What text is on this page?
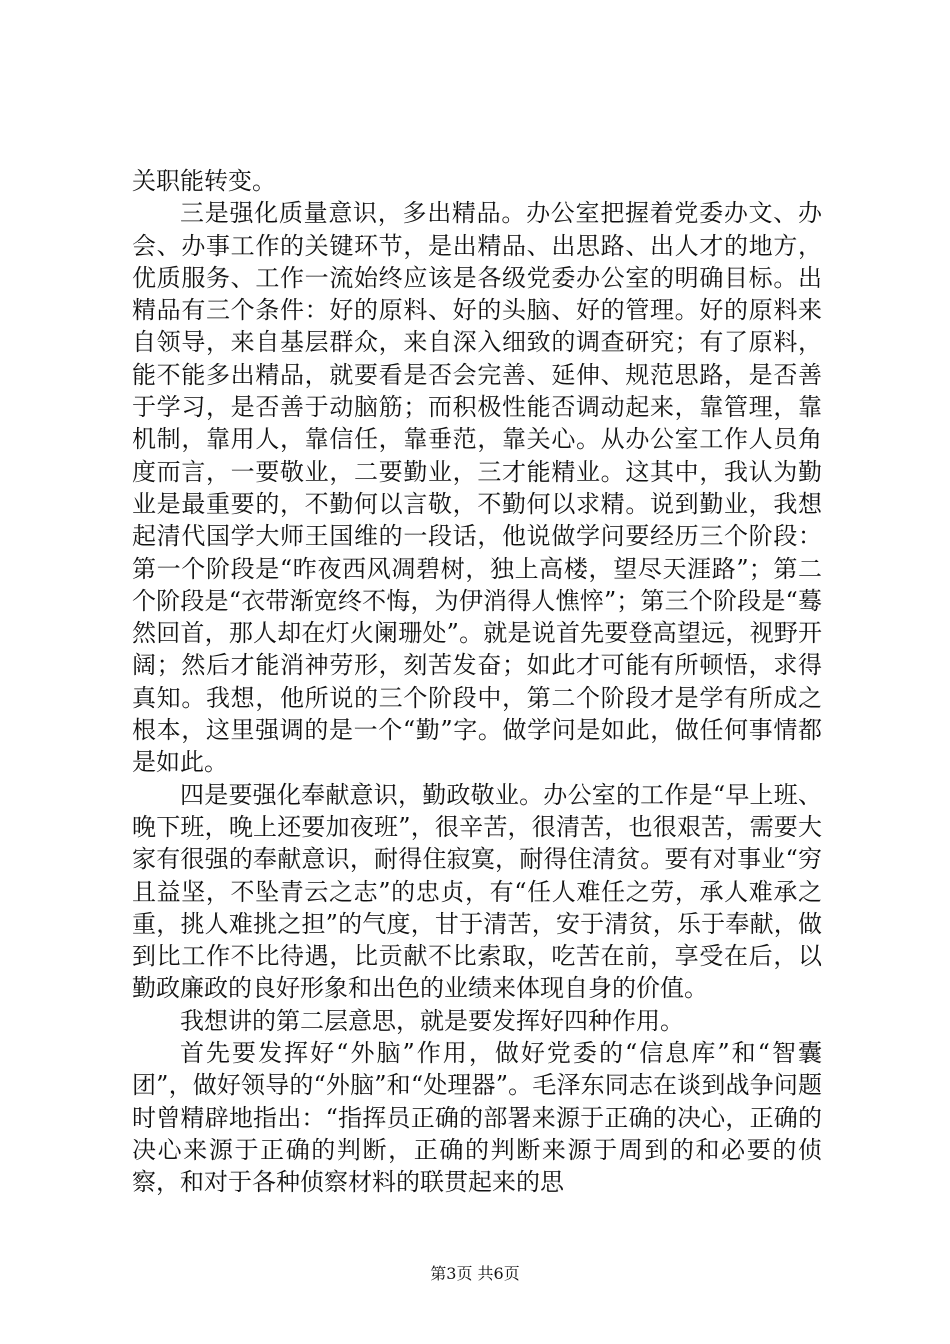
关职能转变。

三是强化质量意识，多出精品。办公室把握着党委办文、办会、办事工作的关键环节，是出精品、出思路、出人才的地方，优质服务、工作一流始终应该是各级党委办公室的明确目标。出精品有三个条件：好的原料、好的头脑、好的管理。好的原料来自领导，来自基层群众，来自深入细致的调查研究；有了原料，能不能多出精品，就要看是否会完善、延伸、规范思路，是否善于学习，是否善于动脑筋；而积极性能否调动起来，靠管理，靠机制，靠用人，靠信任，靠垂范，靠关心。从办公室工作人员角度而言，一要敬业，二要勤业，三才能精业。这其中，我认为勤业是最重要的，不勤何以言敬，不勤何以求精。说到勤业，我想起清代国学大师王国维的一段话，他说做学问要经历三个阶段：第一个阶段是“昨夜西风凋碧树，独上高楼，望尽天涯路”；第二个阶段是“衣带渐宽终不悔，为伊消得人憔悴”；第三个阶段是“蓦然回首，那人却在灯火阑珊处”。就是说首先要登高望远，视野开阔；然后才能消神劳形，刻苦发奋；如此才可能有所顿悟，求得真知。我想，他所说的三个阶段中，第二个阶段才是学有所成之根本，这里强调的是一个“勤”字。做学问是如此，做任何事情都是如此。

四是要强化奉献意识，勤政敬业。办公室的工作是“早上班、晚下班，晚上还要加夜班”，很辛苦，很清苦，也很艰苦，需要大家有很强的奉献意识，耐得住寂寞，耐得住清贫。要有对事业“穷且益坚，不坠青云之志”的忠贞，有“任人难任之劳，承人难承之重，挑人难挑之担”的气度，甘于清苦，安于清贫，乐于奉献，做到比工作不比待遇，比贡献不比索取，吃苦在前，享受在后，以勤政廉政的良好形象和出色的业绩来体现自身的价值。

我想讲的第二层意思，就是要发挥好四种作用。

首先要发挥好“外脑”作用，做好党委的“信息库”和“智囊团”，做好领导的“外脑”和“处理器”。毛泽东同志在谈到战争问题时曾精辟地指出：“指挥员正确的部署来源于正确的决心，正确的决心来源于正确的判断，正确的判断来源于周到的和必要的侦察，和对于各种侦察材料的联贯起来的思

第3页 共6页
